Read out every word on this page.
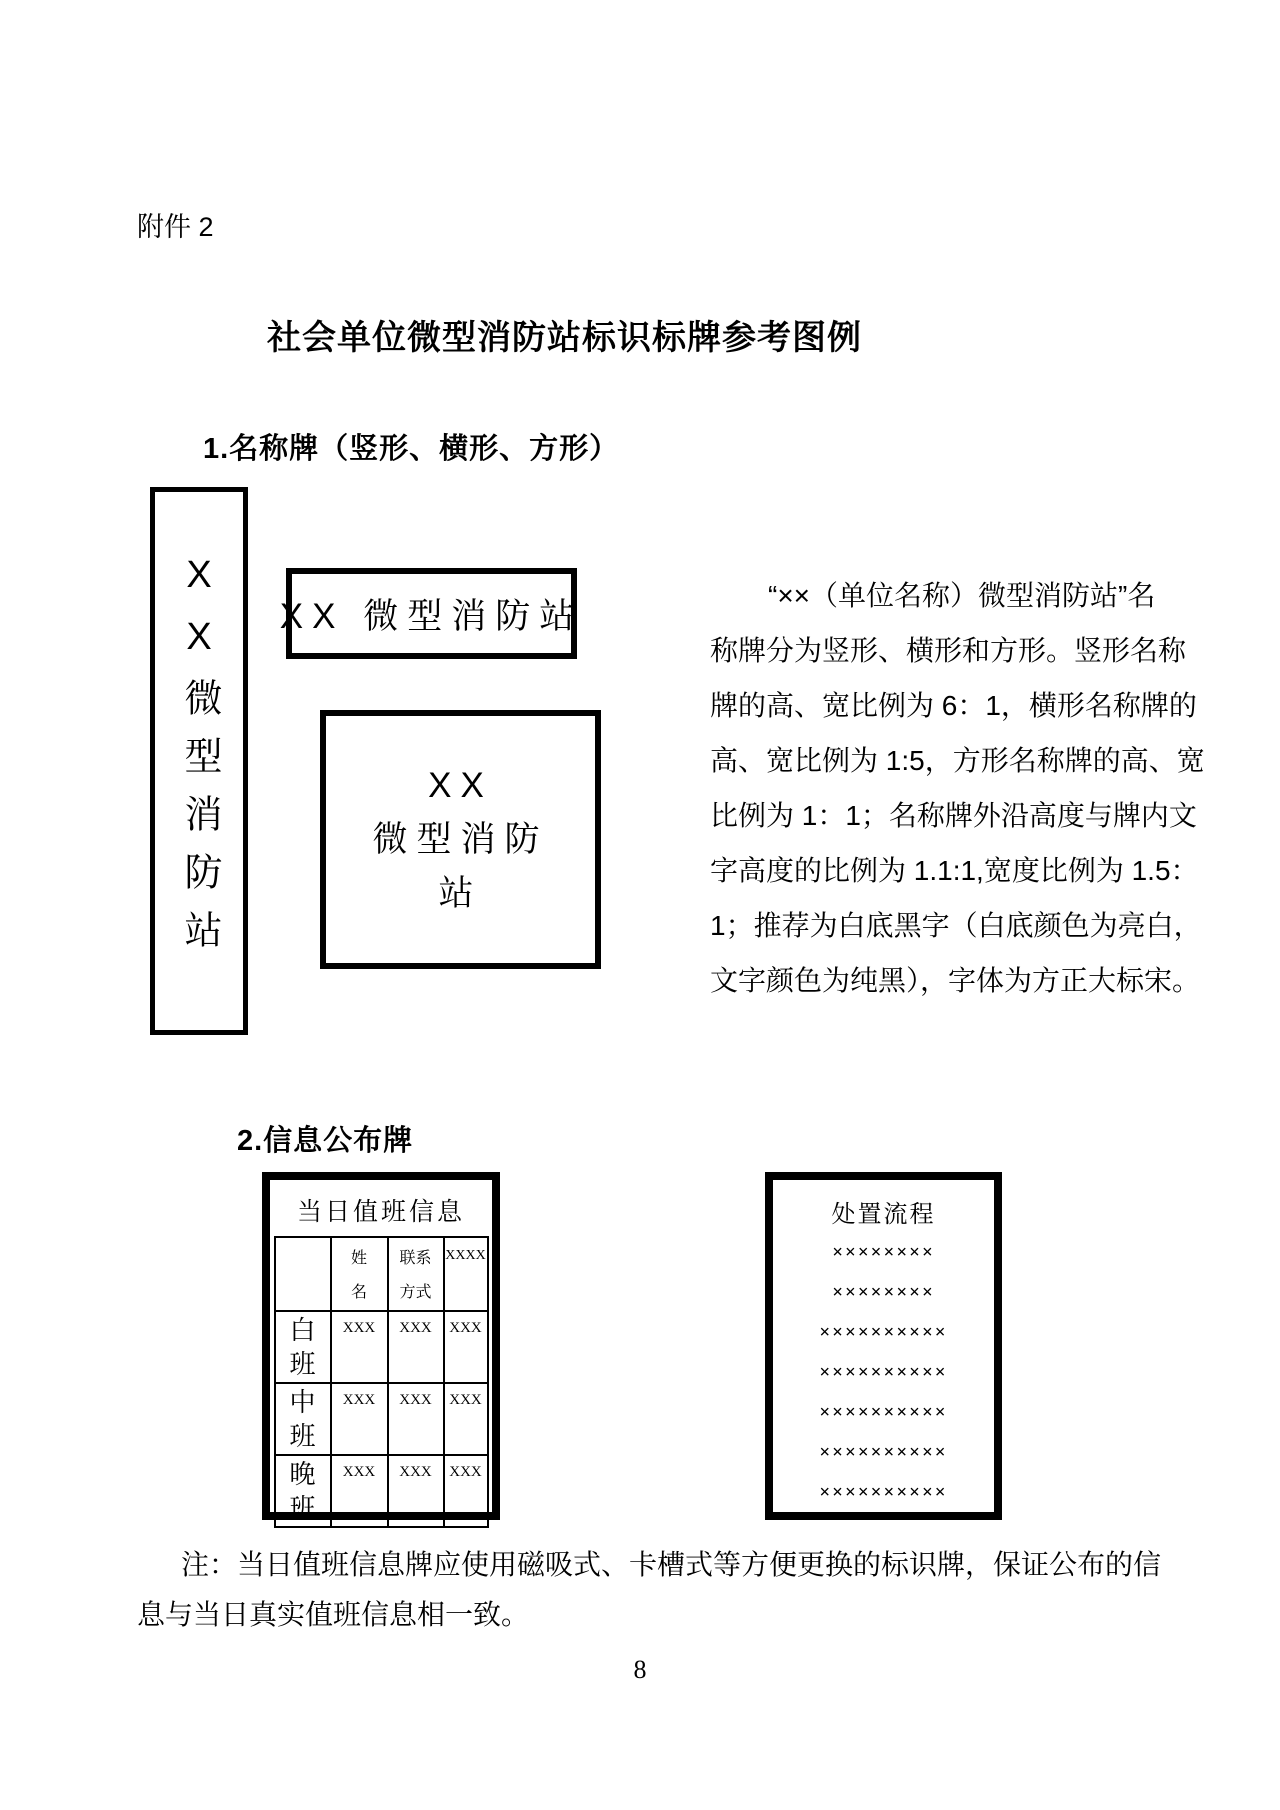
附件 2
社会单位微型消防站标识标牌参考图例
1.名称牌（竖形、横形、方形）
XX微型消防站 XX 微型消防站
XX
微型消防
站
“××（单位名称）微型消防站”名
称牌分为竖形、横形和方形。竖形名称
牌的高、宽比例为 6：1，横形名称牌的
高、宽比例为 1:5，方形名称牌的高、宽
比例为 1：1；名称牌外沿高度与牌内文
字高度的比例为 1.1:1,宽度比例为 1.5：
1；推荐为白底黑字（白底颜色为亮白，
文字颜色为纯黑），字体为方正大标宋。
2.信息公布牌
当日值班信息

	姓名	联系方式	XXXX

白班	XXX	XXX	XXX

中班	XXX	XXX	XXX

晚班	XXX	XXX	XXX
处置流程
××××××××
××××××××
××××××××××
××××××××××
××××××××××
××××××××××
××××××××××
注：当日值班信息牌应使用磁吸式、卡槽式等方便更换的标识牌，保证公布的信
息与当日真实值班信息相一致。
8
